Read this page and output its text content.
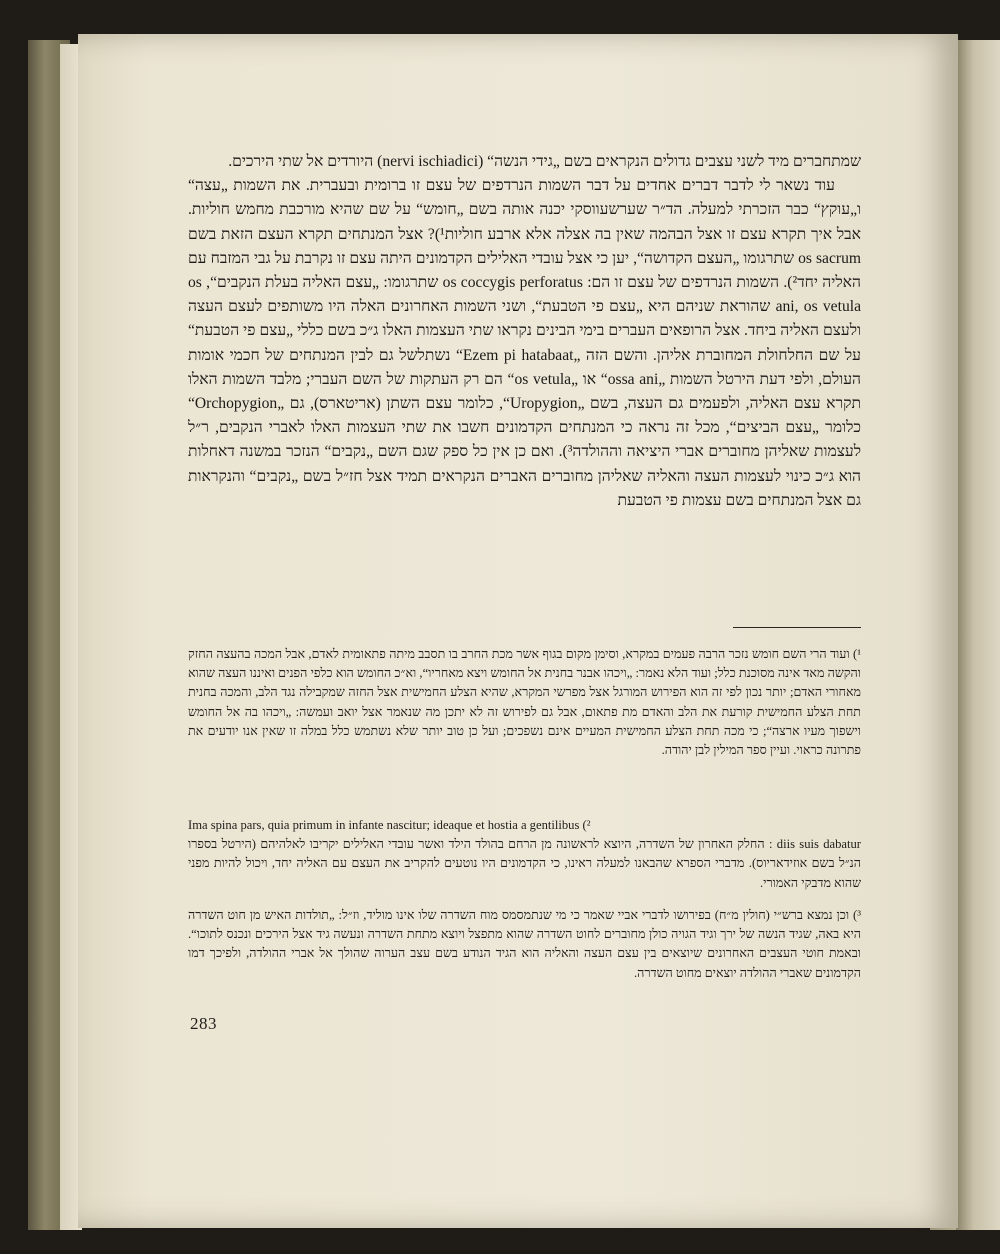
שמתחברים מיד לשני עצבים גדולים הנקראים בשם „גידי הנשה“ (nervi ischiadici) היורדים אל שתי הירכים.

עוד נשאר לי לדבר דברים אחדים על דבר השמות הנרדפים של עצם זו ברומית ובעברית. את השמות „עצה“ ו„עוקץ“ כבר הזכרתי למעלה. הד״ר שערשעווסקי יכנה אותה בשם „חומש“ על שם שהיא מורכבת מחמש חוליות. אבל איך תקרא עצם זו אצל הבהמה שאין בה אצלה אלא ארבע חוליות¹)? אצל המנתחים תקרא העצם הזאת בשם os sacrum שתרגומו „העצם הקדושה“, יען כי אצל עובדי האלילים הקדמונים היתה עצם זו נקרבת על גבי המזבח עם האליה יחד²). השמות הנרדפים של עצם זו הם: os coccygis perforatus שתרגומו: „עצם האליה בעלת הנקבים“, os ani, os vetula שהוראת שניהם היא „עצם פי הטבעת“, ושני השמות האחרונים האלה היו משותפים לעצם העצה ולעצם האליה ביחד. אצל הרופאים העברים בימי הבינים נקראו שתי העצמות האלו ג״כ בשם כללי „עצם פי הטבעת“ על שם החלחולת המחוברת אליהן. והשם הזה „Ezem pi hatabaat“ נשתלשל גם לבין המנתחים של חכמי אומות העולם, ולפי דעת הירטל השמות „ossa ani“ או „os vetula“ הם רק העתקות של השם העברי; מלבד השמות האלו תקרא עצם האליה, ולפעמים גם העצה, בשם „Uropygion“, כלומר עצם השתן (אריטארס), גם „Orchopygion“ כלומר „עצם הביצים“, מכל זה נראה כי המנתחים הקדמונים חשבו את שתי העצמות האלו לאברי הנקבים, ר״ל לעצמות שאליהן מחוברים אברי היציאה וההולדה³). ואם כן אין כל ספק שגם השם „נקבים“ הנזכר במשנה דאחלות הוא ג״כ כינוי לעצמות העצה והאליה שאליהן מחוברים האברים הנקראים תמיד אצל חז״ל בשם „נקבים“ והנקראות גם אצל המנתחים בשם עצמות פי הטבעת

¹) ועוד הרי השם חומש נזכר הרבה פעמים במקרא, וסימן מקום בגוף אשר מכת החרב בו תסבב מיתה פתאומית לאדם, אבל המכה בהעצה החזק והקשה מאד אינה מסוכנת כלל; ועוד הלא נאמר: „ויכהו אבנר בחנית אל החומש ויצא מאחריו“, וא״כ החומש הוא כלפי הפנים ואיננו העצה שהוא מאחורי האדם; יותר נכון לפי זה הוא הפירוש המורגל אצל מפרשי המקרא, שהיא הצלע החמישית אצל החזה שמקבילה נגד הלב, והמכה בחנית תחת הצלע החמישית קורעת את הלב והאדם מת פתאום, אבל גם לפירוש זה לא יתכן מה שנאמר אצל יואב ועמשה: „ויכהו בה אל החומש וישפוך מעיו ארצה“; כי מכה תחת הצלע החמישית המעיים אינם נשפכים; ועל כן טוב יותר שלא נשתמש כלל במלה זו שאין אנו יודעים את פתרונה כראוי. ועיין ספר המילין לבן יהודה.

Ima spina pars, quia primum in infante nascitur; ideaque et hostia a gentilibus (²
diis suis dabatur : החלק האחרון של השדרה, היוצא לראשונה מן הרחם בהולד הילד ואשר עובדי האלילים יקריבו לאלהיהם (הירטל בספרו הנ״ל בשם אוזידאריוס). מדברי הספרא שהבאנו למעלה ראינו, כי הקדמונים היו נוטעים להקריב את העצם עם האליה יחד, ויכול להיות מפני שהוא מדבקי האמורי.

³) וכן נמצא ברש״י (חולין מ״ח) בפירושו לדברי אביי שאמר כי מי שנתמסמס מוח השדרה שלו אינו מוליד, וז״ל: „תולדות האיש מן חוט השדרה היא באה, שגיד הנשה של ירך וגיד הגויה כולן מחוברים לחוט השדרה שהוא מתפצל ויוצא מתחת השדרה ונעשה גיד אצל הירכים ונכנס לתוכו“. ובאמת חוטי העצבים האחרונים שיוצאים בין עצם העצה והאליה הוא הגיד הנודע בשם עצב הערוה שהולך אל אברי ההולדה, ולפיכך דמו הקדמונים שאברי ההולדה יוצאים מחוט השדרה.

283
